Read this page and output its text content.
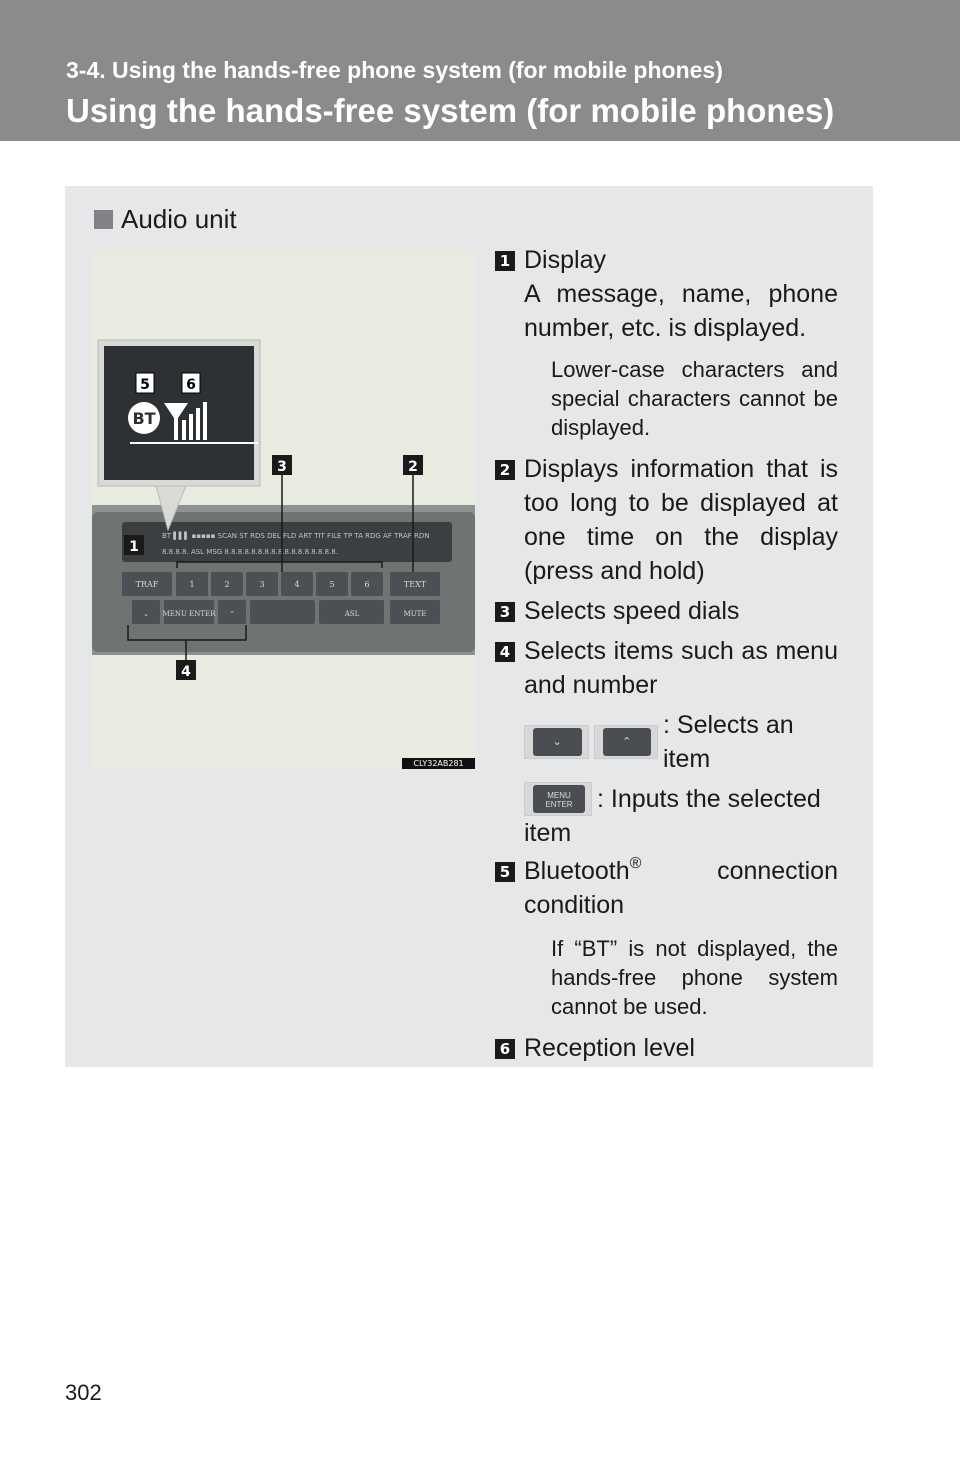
3-4. Using the hands-free phone system (for mobile phones)
Using the hands-free system (for mobile phones)
Audio unit
BT ▌▌▌ ▪▪▪▪▪ SCAN ST RDS DEL FLD ART TIT FILE TP TA RDG AF TRAF RDN
8.8.8.8. ASL MSG 8.8.8.8.8.8.8.8.8.8.8.8.8.8.8.8.8.
TRAF	1	2	3	4	5	6	TEXT
⌄ MENU ENTER ⌃	ASL	MUTE
BT
5	6
1
3	2
4
CLY32AB281
1 Display
A message, name, phone number, etc. is displayed.
Lower-case characters and special characters cannot be displayed.
2 Displays information that is too long to be displayed at one time on the display (press and hold)
3 Selects speed dials
4 Selects items such as menu and number
⌄	⌃
: Selects an item
MENU ENTER : Inputs the selected
item
5 Bluetooth® connection condition
If “BT” is not displayed, the hands-free phone system cannot be used.
6 Reception level
302
